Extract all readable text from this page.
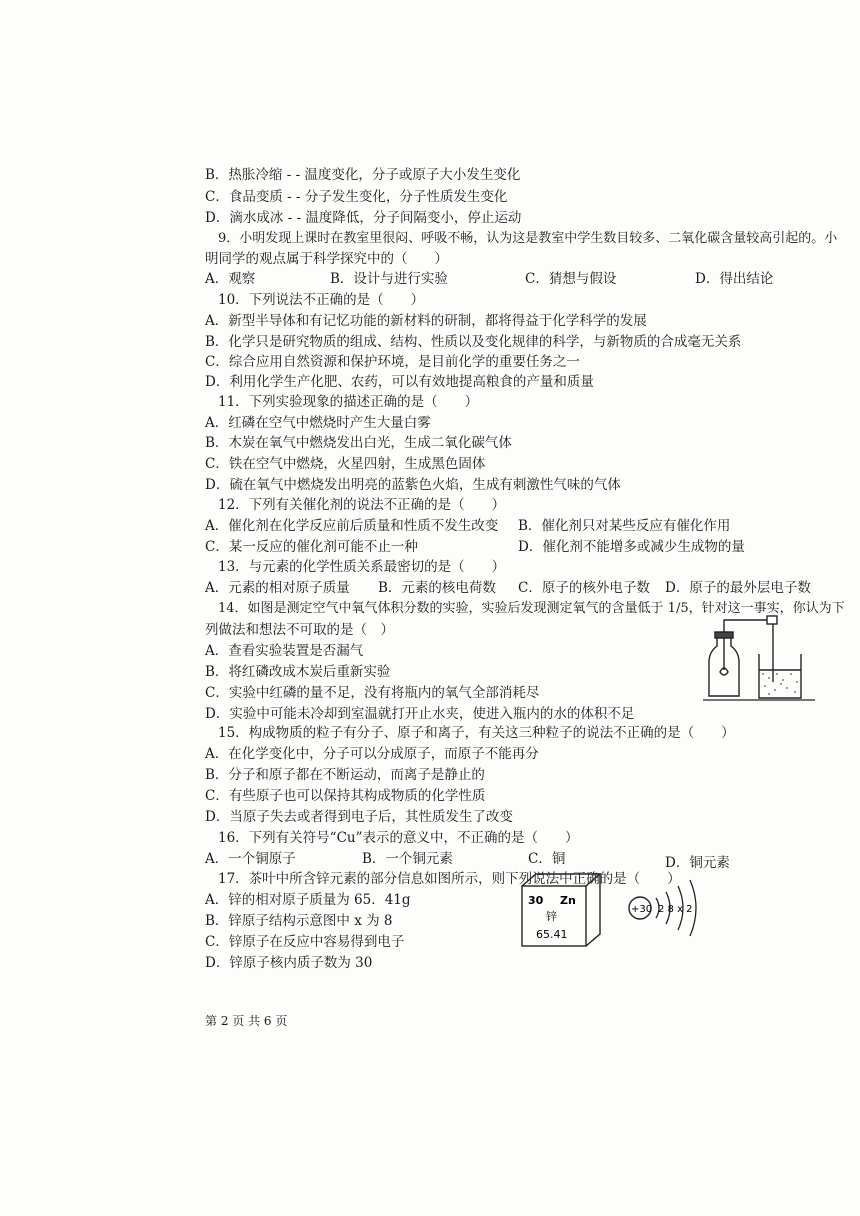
B．热胀冷缩 - - 温度变化，分子或原子大小发生变化
C．食品变质 - - 分子发生变化，分子性质发生变化
D．滴水成冰 - - 温度降低，分子间隔变小，停止运动
9．小明发现上课时在教室里很闷、呼吸不畅，认为这是教室中学生数目较多、二氧化碳含量较高引起的。小
明同学的观点属于科学探究中的（　　）
A．观察	B．设计与进行实验	C．猜想与假设	D．得出结论
10．下列说法不正确的是（　　）
A．新型半导体和有记忆功能的新材料的研制，都将得益于化学科学的发展
B．化学只是研究物质的组成、结构、性质以及变化规律的科学，与新物质的合成毫无关系
C．综合应用自然资源和保护环境，是目前化学的重要任务之一
D．利用化学生产化肥、农药，可以有效地提高粮食的产量和质量
11．下列实验现象的描述正确的是（　　）
A．红磷在空气中燃烧时产生大量白雾
B．木炭在氧气中燃烧发出白光，生成二氧化碳气体
C．铁在空气中燃烧，火星四射，生成黑色固体
D．硫在氧气中燃烧发出明亮的蓝紫色火焰，生成有刺激性气味的气体
12．下列有关催化剂的说法不正确的是（　　）
A．催化剂在化学反应前后质量和性质不发生改变 B．催化剂只对某些反应有催化作用
C．某一反应的催化剂可能不止一种	D．催化剂不能增多或减少生成物的量
13．与元素的化学性质关系最密切的是（　　）
A．元素的相对原子质量 B．元素的核电荷数 C．原子的核外电子数 D．原子的最外层电子数
14．如图是测定空气中氧气体积分数的实验，实验后发现测定氧气的含量低于 1/5，针对这一事实，你认为下
列做法和想法不可取的是（　）
A．查看实验装置是否漏气
B．将红磷改成木炭后重新实验
C．实验中红磷的量不足，没有将瓶内的氧气全部消耗尽
D．实验中可能未冷却到室温就打开止水夹，使进入瓶内的水的体积不足
15．构成物质的粒子有分子、原子和离子，有关这三种粒子的说法不正确的是（　　）
A．在化学变化中，分子可以分成原子，而原子不能再分
B．分子和原子都在不断运动，而离子是静止的
C．有些原子也可以保持其构成物质的化学性质
D．当原子失去或者得到电子后，其性质发生了改变
16．下列有关符号“Cu”表示的意义中，不正确的是（　　）
A．一个铜原子	B．一个铜元素	C．铜	D．铜元素
17．茶叶中所含锌元素的部分信息如图所示，则下列说法中正确的是（　　）
A．锌的相对原子质量为 65．41g
B．锌原子结构示意图中 x 为 8
C．锌原子在反应中容易得到电子
D．锌原子核内质子数为 30
30 Zn
锌
65.41
+30 2 8 x 2
第 2 页 共 6 页
